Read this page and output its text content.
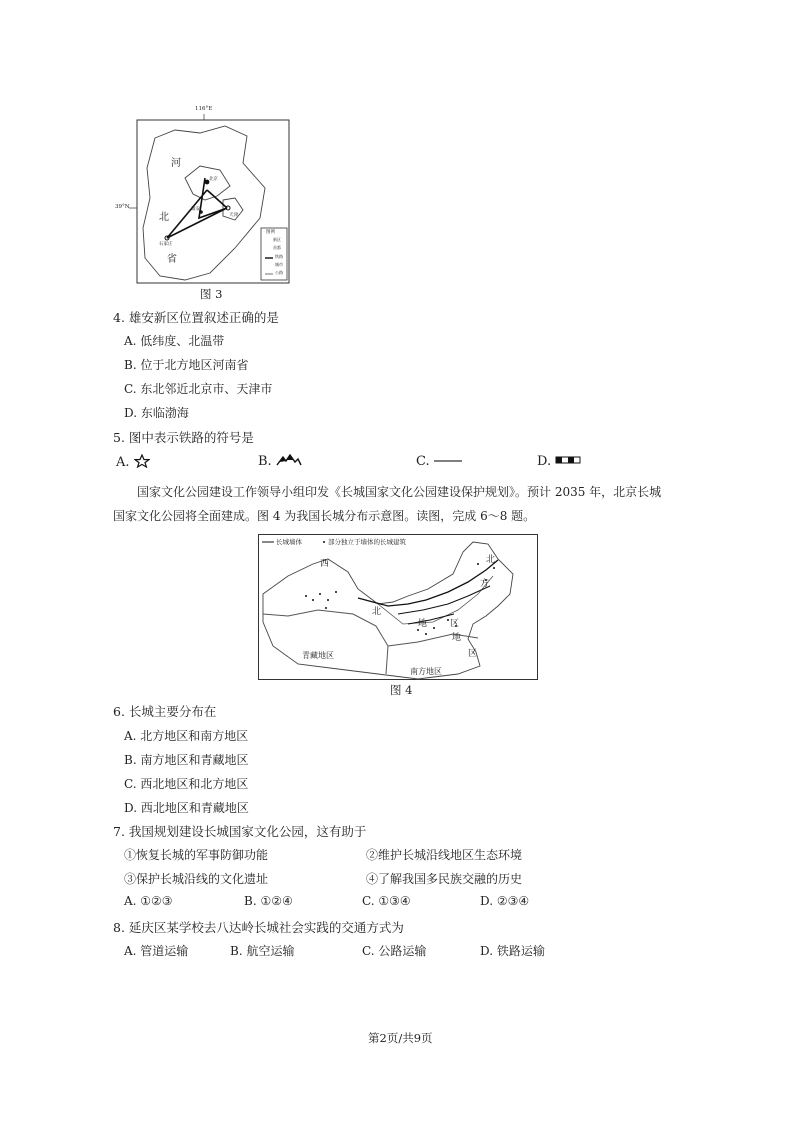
116°E
39°N
河
北
省
北京
天津
石家庄
雄安
图例
新区
首都
铁路
城市
公路
图 3
4. 雄安新区位置叙述正确的是
A. 低纬度、北温带
B. 位于北方地区河南省
C. 东北邻近北京市、天津市
D. 东临渤海
5. 图中表示铁路的符号是
A.	B.	C.	D.
国家文化公园建设工作领导小组印发《长城国家文化公园建设保护规划》。预计 2035 年，北京长城国家文化公园将全面建成。图 4 为我国长城分布示意图。读图，完成 6～8 题。
长城墙体	部分独立于墙体的长城建筑
青藏地区
南方地区
西
北
地	区
北
方
地
区
图 4
6. 长城主要分布在
A. 北方地区和南方地区
B. 南方地区和青藏地区
C. 西北地区和北方地区
D. 西北地区和青藏地区
7. 我国规划建设长城国家文化公园，这有助于
①恢复长城的军事防御功能	②维护长城沿线地区生态环境
③保护长城沿线的文化遗址	④了解我国多民族交融的历史
A. ①②③	B. ①②④	C. ①③④	D. ②③④
8. 延庆区某学校去八达岭长城社会实践的交通方式为
A. 管道运输	B. 航空运输	C. 公路运输	D. 铁路运输
第2页/共9页
